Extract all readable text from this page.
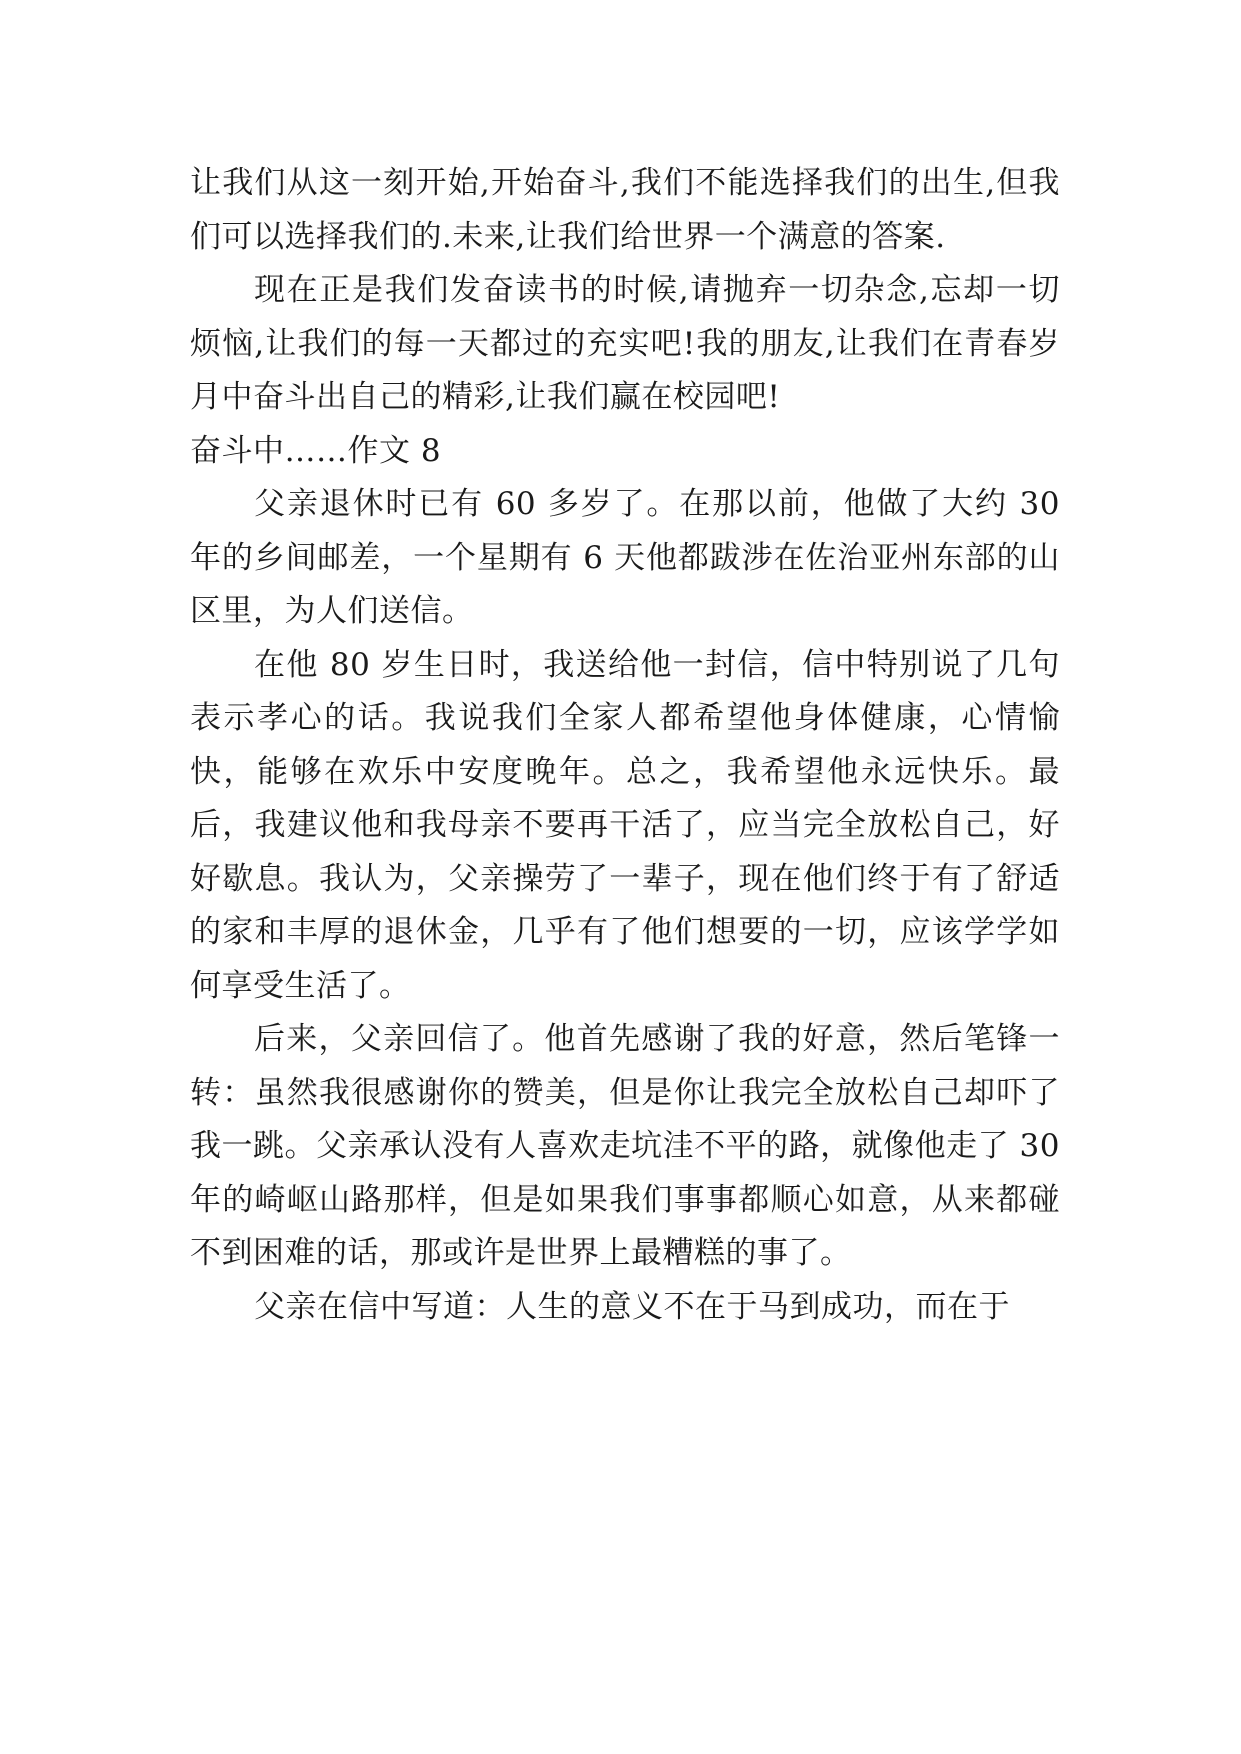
让我们从这一刻开始,开始奋斗,我们不能选择我们的出生,但我们可以选择我们的.未来,让我们给世界一个满意的答案.

现在正是我们发奋读书的时候,请抛弃一切杂念,忘却一切烦恼,让我们的每一天都过的充实吧!我的朋友,让我们在青春岁月中奋斗出自己的精彩,让我们赢在校园吧!

奋斗中……作文 8

父亲退休时已有 60 多岁了。在那以前，他做了大约 30 年的乡间邮差，一个星期有 6 天他都跋涉在佐治亚州东部的山区里，为人们送信。

在他 80 岁生日时，我送给他一封信，信中特别说了几句表示孝心的话。我说我们全家人都希望他身体健康，心情愉快，能够在欢乐中安度晚年。总之，我希望他永远快乐。最后，我建议他和我母亲不要再干活了，应当完全放松自己，好好歇息。我认为，父亲操劳了一辈子，现在他们终于有了舒适的家和丰厚的退休金，几乎有了他们想要的一切，应该学学如何享受生活了。

后来，父亲回信了。他首先感谢了我的好意，然后笔锋一转：虽然我很感谢你的赞美，但是你让我完全放松自己却吓了我一跳。父亲承认没有人喜欢走坑洼不平的路，就像他走了 30 年的崎岖山路那样，但是如果我们事事都顺心如意，从来都碰不到困难的话，那或许是世界上最糟糕的事了。

父亲在信中写道：人生的意义不在于马到成功，而在于
